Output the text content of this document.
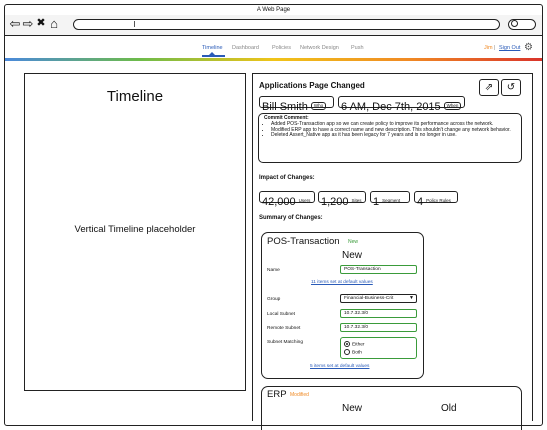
A Web Page
⇦ ⇨ ✖ ⌂
Timeline Dashboard Policies Network Design Push	Jim | Sign Out ⚙
Timeline
Vertical Timeline placeholder
Applications Page Changed	⇗	↺
Bill Smith Who	6 AM, Dec 7th, 2015 When
Commit Comment:
• Added POS-Transaction app so we can create policy to improve its performance across the network.
• Modified ERP app to have a correct name and new description. This shouldn't change any network behavior.
• Deleted Assert_Native app as it has been legacy for 7 years and is no longer in use.
Impact of Changes:
42,000 Users 1,200 Sites	1 Segment	4 Policy Rules
Summary of Changes:
POS-Transaction New
New
Name	POS-Transaction
11 items set at default values
Group	Financial-Business-Crit	▼
Local Subnet	10.7.32.3/0
Remote Subnet	10.7.32.3/0
Subnet Matching	Either
Both
5 items set at default values
ERP Modified
New	Old
